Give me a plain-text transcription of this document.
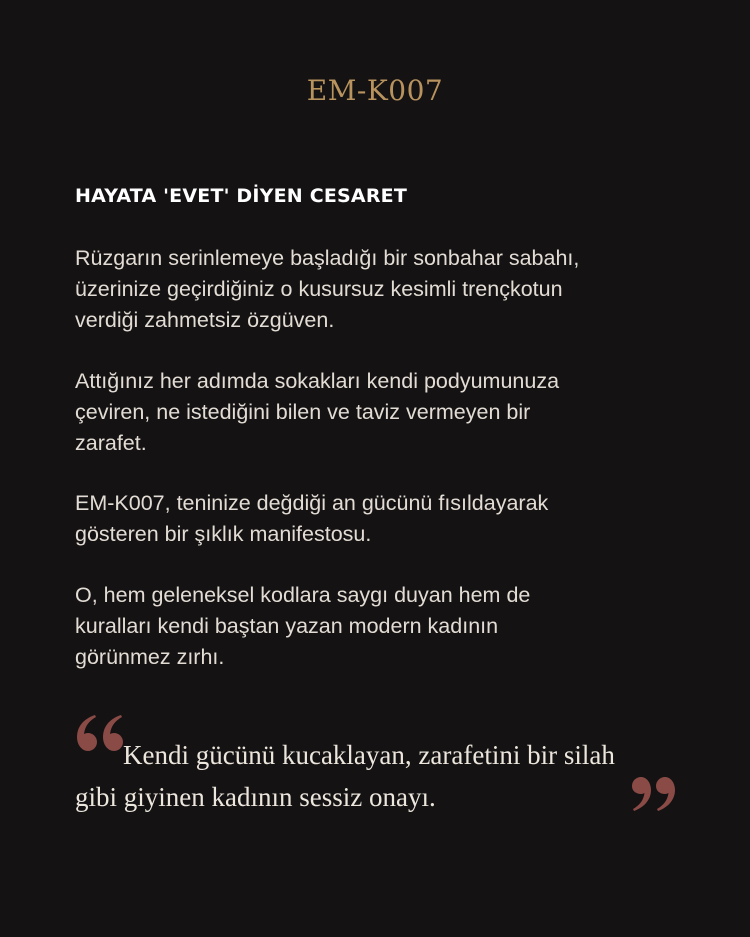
EM-K007
HAYATA 'EVET' DİYEN CESARET

Rüzgarın serinlemeye başladığı bir sonbahar sabahı,
üzerinize geçirdiğiniz o kusursuz kesimli trençkotun
verdiği zahmetsiz özgüven.

Attığınız her adımda sokakları kendi podyumunuza
çeviren, ne istediğini bilen ve taviz vermeyen bir
zarafet.

EM-K007, teninize değdiği an gücünü fısıldayarak
gösteren bir şıklık manifestosu.

O, hem geleneksel kodlara saygı duyan hem de
kuralları kendi baştan yazan modern kadının
görünmez zırhı.

Kendi gücünü kucaklayan, zarafetini bir silah
gibi giyinen kadının sessiz onayı.
